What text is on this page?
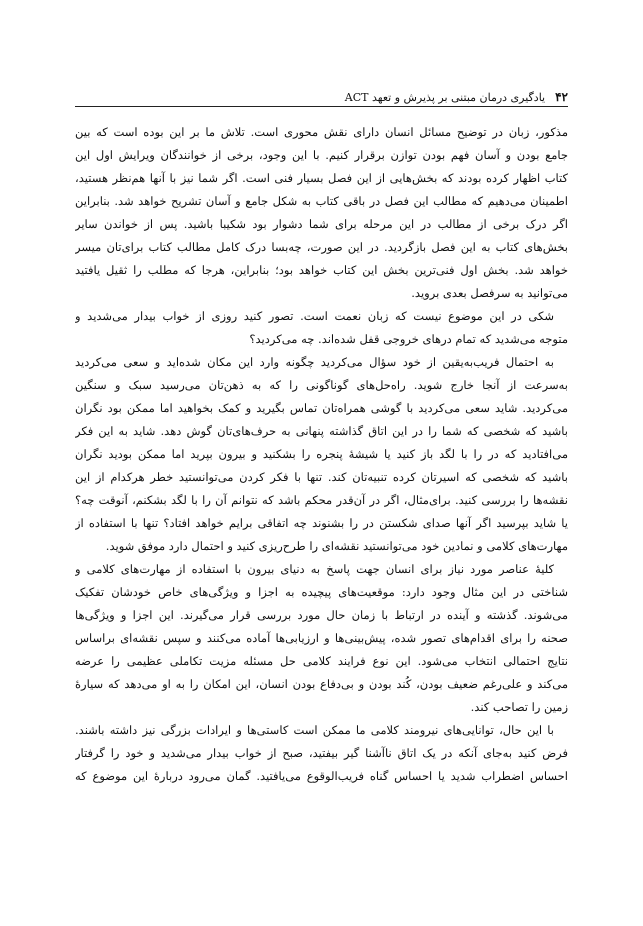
۴۲
یادگیری درمان مبتنی بر پذیرش و تعهد ACT

مذکور، زبان در توضیح مسائل انسان دارای نقش محوری است. تلاش ما بر این بوده است که بین
جامع بودن و آسان فهم بودن توازن برقرار کنیم. با این وجود، برخی از خوانندگان ویرایش اول این
کتاب اظهار کرده بودند که بخش‌هایی از این فصل بسیار فنی است. اگر شما نیز با آنها هم‌نظر هستید،
اطمینان می‌دهیم که مطالب این فصل در باقی کتاب به شکل جامع و آسان تشریح خواهد شد. بنابراین
اگر درک برخی از مطالب در این مرحله برای شما دشوار بود شکیبا باشید. پس از خواندن سایر
بخش‌های کتاب به این فصل بازگردید. در این صورت، چه‌بسا درک کامل مطالب کتاب برای‌تان میسر
خواهد شد. بخش اول فنی‌ترین بخش این کتاب خواهد بود؛ بنابراین، هرجا که مطلب را ثقیل یافتید
می‌توانید به سرفصل بعدی بروید.

شکی در این موضوع نیست که زبان نعمت است. تصور کنید روزی از خواب بیدار می‌شدید و
متوجه می‌شدید که تمام درهای خروجی قفل شده‌اند. چه می‌کردید؟

به احتمال فریب‌به‌یقین از خود سؤال می‌کردید چگونه وارد این مکان شده‌اید و سعی می‌کردید
به‌سرعت از آنجا خارج شوید. راه‌حل‌های گوناگونی را که به ذهن‌تان می‌رسید سبک و سنگین
می‌کردید. شاید سعی می‌کردید با گوشی همراه‌تان تماس بگیرید و کمک بخواهید اما ممکن بود نگران
باشید که شخصی که شما را در این اتاق گذاشته پنهانی به حرف‌های‌تان گوش دهد. شاید به این فکر
می‌افتادید که در را با لگد باز کنید یا شیشهٔ پنجره را بشکنید و بیرون بپرید اما ممکن بودید نگران
باشید که شخصی که اسیرتان کرده تنبیه‌تان کند. تنها با فکر کردن می‌توانستید خطر هرکدام از این
نقشه‌ها را بررسی کنید. برای‌مثال، اگر در آن‌قدر محکم باشد که نتوانم آن را با لگد بشکنم، آنوقت چه؟
یا شاید بپرسید اگر آنها صدای شکستن در را بشنوند چه اتفاقی برایم خواهد افتاد؟ تنها با استفاده از
مهارت‌های کلامی و نمادین خود می‌توانستید نقشه‌ای را طرح‌ریزی کنید و احتمال دارد موفق شوید.

کلیهٔ عناصر مورد نیاز برای انسان جهت پاسخ به دنیای بیرون با استفاده از مهارت‌های کلامی و
شناختی در این مثال وجود دارد: موقعیت‌های پیچیده به اجزا و ویژگی‌های خاص خودشان تفکیک
می‌شوند. گذشته و آینده در ارتباط با زمان حال مورد بررسی قرار می‌گیرند. این اجزا و ویژگی‌ها
صحنه را برای اقدام‌های تصور شده، پیش‌بینی‌ها و ارزیابی‌ها آماده می‌کنند و سپس نقشه‌ای براساس
نتایج احتمالی انتخاب می‌شود. این نوع فرایند کلامی حل مسئله مزیت تکاملی عظیمی را عرضه
می‌کند و علی‌رغم ضعیف بودن، کُند بودن و بی‌دفاع بودن انسان، این امکان را به او می‌دهد که سیارهٔ
زمین را تصاحب کند.

با این حال، توانایی‌های نیرومند کلامی ما ممکن است کاستی‌ها و ایرادات بزرگی نیز داشته باشند.
فرض کنید به‌جای آنکه در یک اتاق ناآشنا گیر بیفتید، صبح از خواب بیدار می‌شدید و خود را گرفتار
احساس اضطراب شدید یا احساس گناه فریب‌الوقوع می‌یافتید. گمان می‌رود دربارهٔ این موضوع که
